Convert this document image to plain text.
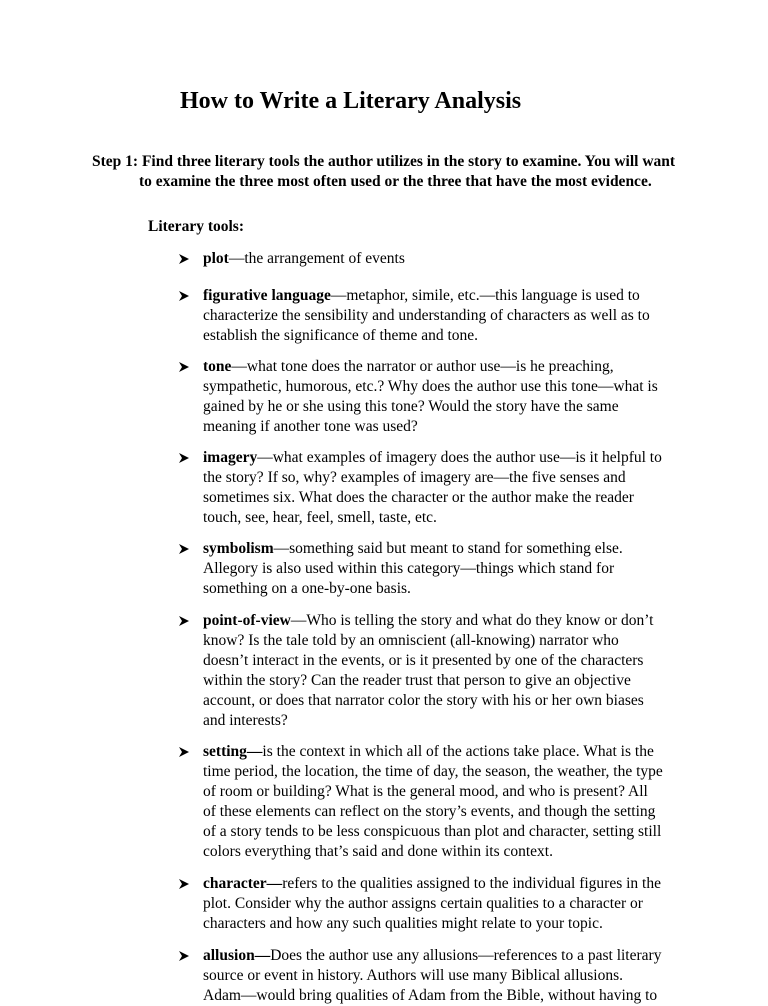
How to Write a Literary Analysis
Step 1: Find three literary tools the author utilizes in the story to examine. You will want
to examine the three most often used or the three that have the most evidence.
Literary tools:
plot—the arrangement of events
figurative language—metaphor, simile, etc.—this language is used to
characterize the sensibility and understanding of characters as well as to
establish the significance of theme and tone.
tone—what tone does the narrator or author use—is he preaching,
sympathetic, humorous, etc.? Why does the author use this tone—what is
gained by he or she using this tone? Would the story have the same
meaning if another tone was used?
imagery—what examples of imagery does the author use—is it helpful to
the story? If so, why? examples of imagery are—the five senses and
sometimes six. What does the character or the author make the reader
touch, see, hear, feel, smell, taste, etc.
symbolism—something said but meant to stand for something else.
Allegory is also used within this category—things which stand for
something on a one-by-one basis.
point-of-view—Who is telling the story and what do they know or don’t
know? Is the tale told by an omniscient (all-knowing) narrator who
doesn’t interact in the events, or is it presented by one of the characters
within the story? Can the reader trust that person to give an objective
account, or does that narrator color the story with his or her own biases
and interests?
setting—is the context in which all of the actions take place. What is the
time period, the location, the time of day, the season, the weather, the type
of room or building? What is the general mood, and who is present? All
of these elements can reflect on the story’s events, and though the setting
of a story tends to be less conspicuous than plot and character, setting still
colors everything that’s said and done within its context.
character—refers to the qualities assigned to the individual figures in the
plot. Consider why the author assigns certain qualities to a character or
characters and how any such qualities might relate to your topic.
allusion—Does the author use any allusions—references to a past literary
source or event in history. Authors will use many Biblical allusions.
Adam—would bring qualities of Adam from the Bible, without having to
